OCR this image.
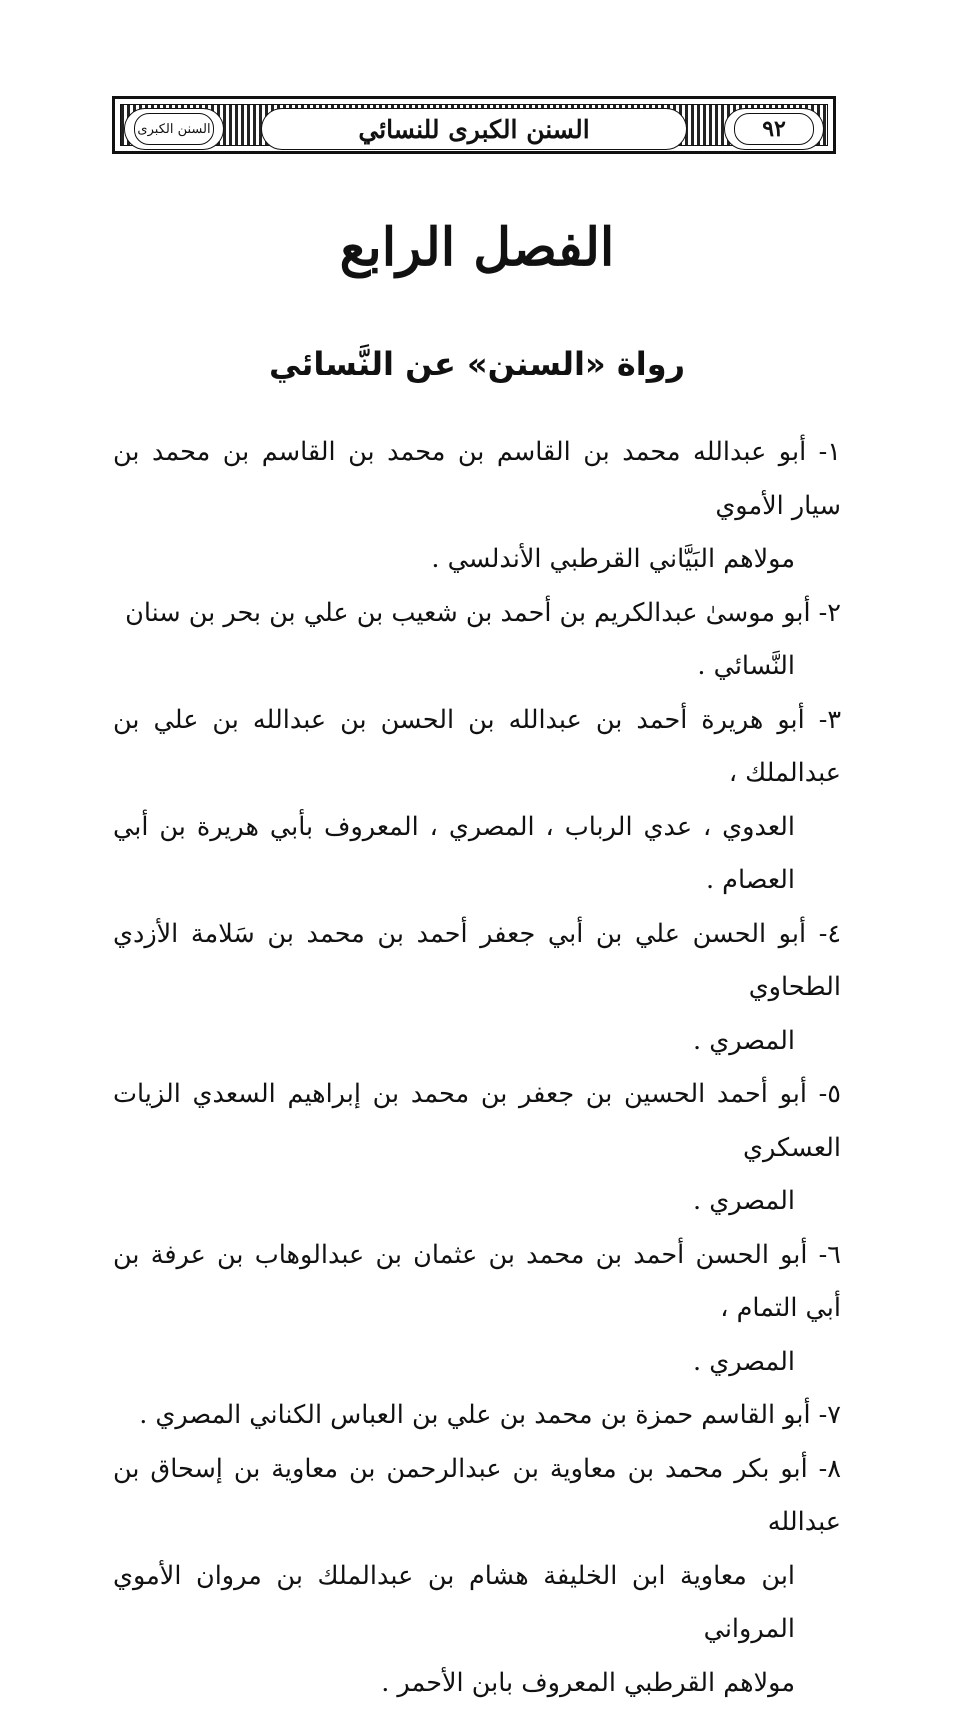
٩٢
السنن الكبرى للنسائي
السنن الكبرى
الفصل الرابع
رواة «السنن» عن النَّسائي
١- أبو عبدالله محمد بن القاسم بن محمد بن القاسم بن محمد بن سيار الأموي
مولاهم البَيَّاني القرطبي الأندلسي .
٢- أبو موسىٰ عبدالكريم بن أحمد بن شعيب بن علي بن بحر بن سنان
النَّسائي .
٣- أبو هريرة أحمد بن عبدالله بن الحسن بن عبدالله بن علي بن عبدالملك ،
العدوي ، عدي الرباب ، المصري ، المعروف بأبي هريرة بن أبي العصام .
٤- أبو الحسن علي بن أبي جعفر أحمد بن محمد بن سَلامة الأزدي الطحاوي
المصري .
٥- أبو أحمد الحسين بن جعفر بن محمد بن إبراهيم السعدي الزيات العسكري
المصري .
٦- أبو الحسن أحمد بن محمد بن عثمان بن عبدالوهاب بن عرفة بن أبي التمام ،
المصري .
٧- أبو القاسم حمزة بن محمد بن علي بن العباس الكناني المصري .
٨- أبو بكر محمد بن معاوية بن عبدالرحمن بن معاوية بن إسحاق بن عبدالله
ابن معاوية ابن الخليفة هشام بن عبدالملك بن مروان الأموي المرواني
مولاهم القرطبي المعروف بابن الأحمر .
